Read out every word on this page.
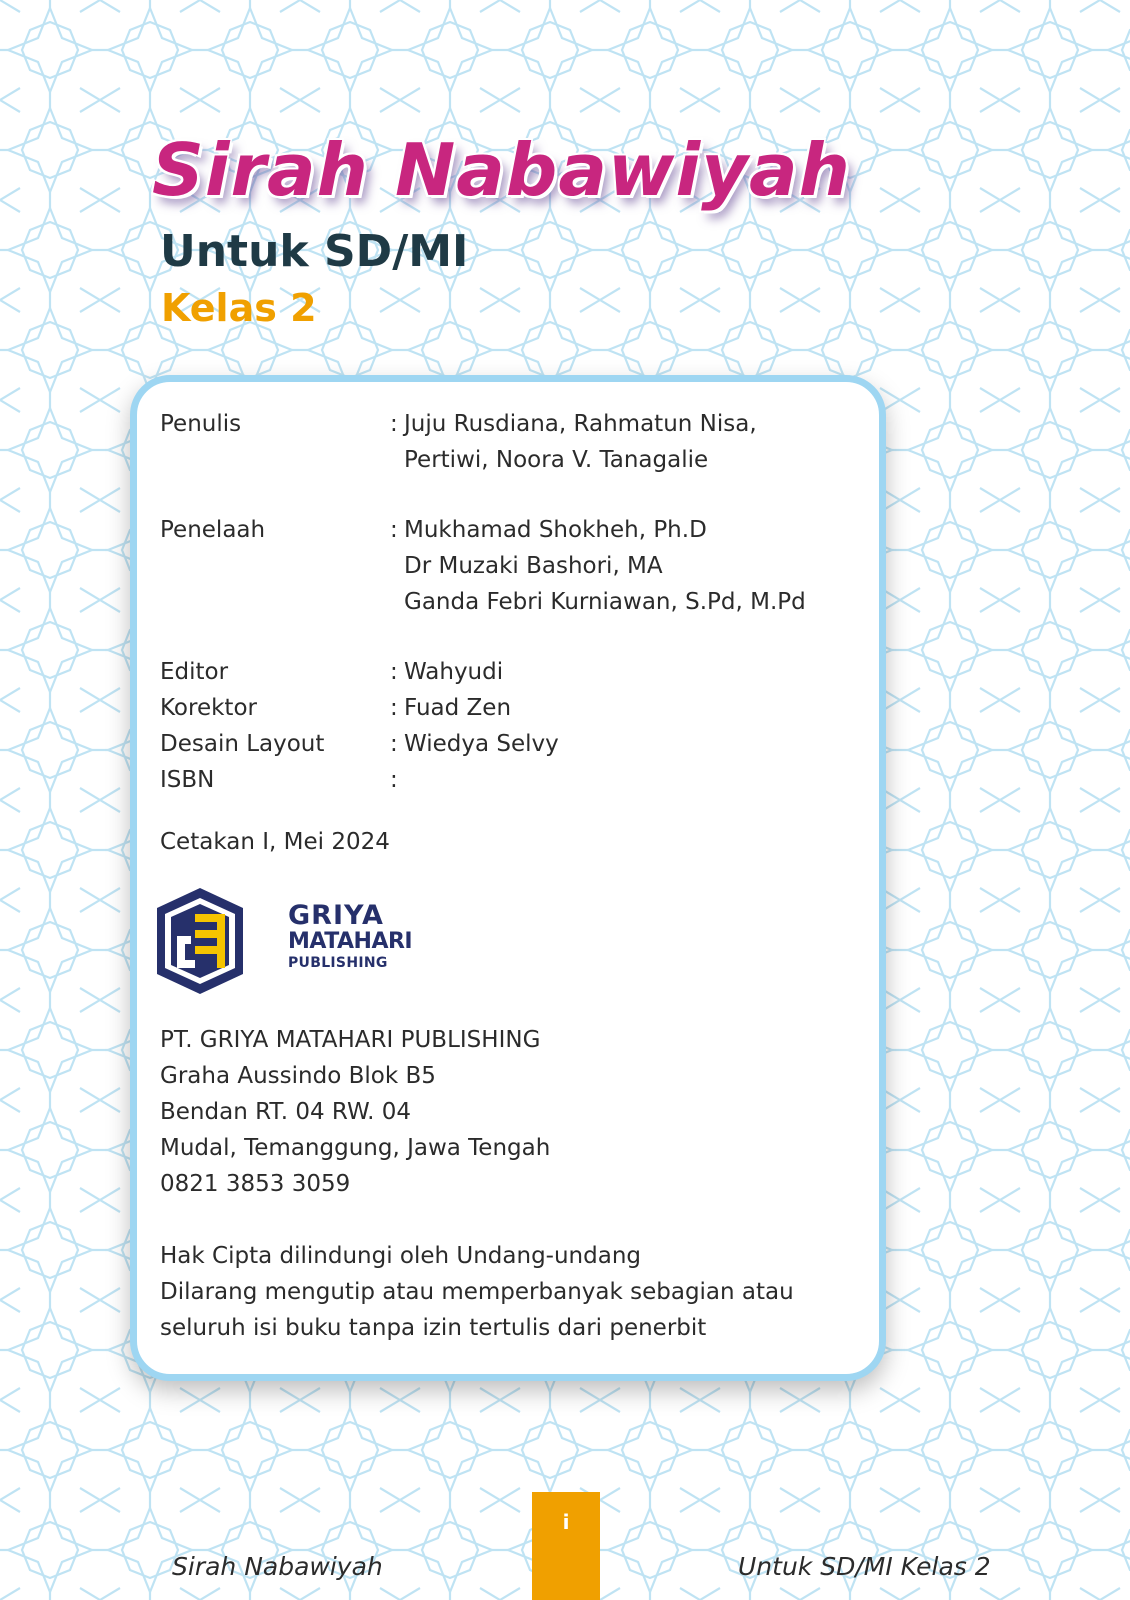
Sirah Nabawiyah
Untuk SD/MI
Kelas 2
Penulis	: Juju Rusdiana, Rahmatun Nisa,
Pertiwi, Noora V. Tanagalie
Penelaah	: Mukhamad Shokheh, Ph.D
Dr Muzaki Bashori, MA
Ganda Febri Kurniawan, S.Pd, M.Pd
Editor	: Wahyudi
Korektor	: Fuad Zen
Desain Layout	: Wiedya Selvy
ISBN	:
Cetakan I, Mei 2024
GRIYA
MATAHARI
PUBLISHING
PT. GRIYA MATAHARI PUBLISHING
Graha Aussindo Blok B5
Bendan RT. 04 RW. 04
Mudal, Temanggung, Jawa Tengah
0821 3853 3059
Hak Cipta dilindungi oleh Undang-undang
Dilarang mengutip atau memperbanyak sebagian atau
seluruh isi buku tanpa izin tertulis dari penerbit
i
Sirah Nabawiyah	Untuk SD/MI Kelas 2
